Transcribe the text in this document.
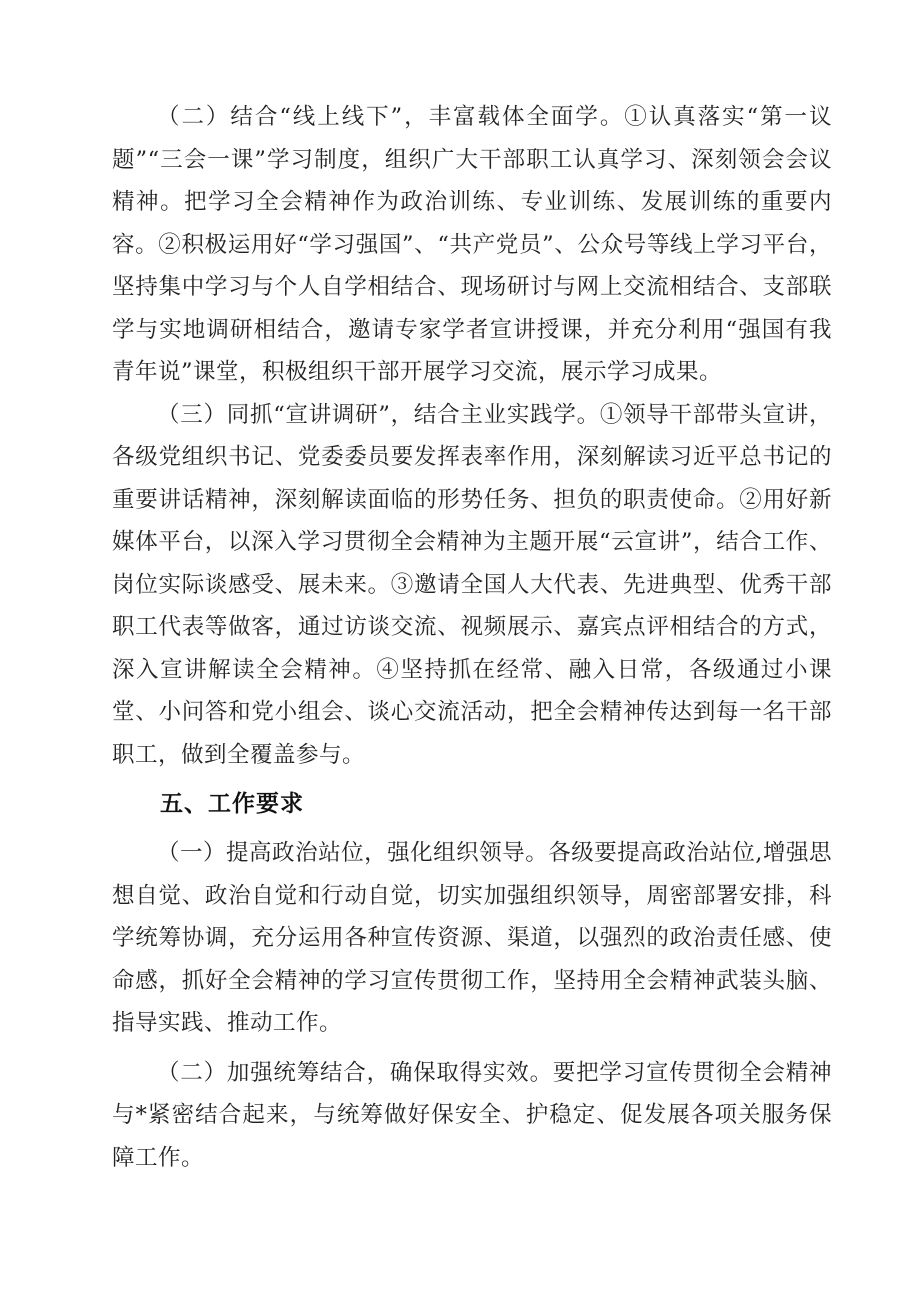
（二）结合“线上线下”，丰富载体全面学。①认真落实“第一议题”“三会一课”学习制度，组织广大干部职工认真学习、深刻领会会议精神。把学习全会精神作为政治训练、专业训练、发展训练的重要内容。②积极运用好“学习强国”、“共产党员”、公众号等线上学习平台，坚持集中学习与个人自学相结合、现场研讨与网上交流相结合、支部联学与实地调研相结合，邀请专家学者宣讲授课，并充分利用“强国有我青年说”课堂，积极组织干部开展学习交流，展示学习成果。

（三）同抓“宣讲调研”，结合主业实践学。①领导干部带头宣讲，各级党组织书记、党委委员要发挥表率作用，深刻解读习近平总书记的重要讲话精神，深刻解读面临的形势任务、担负的职责使命。②用好新媒体平台，以深入学习贯彻全会精神为主题开展“云宣讲”，结合工作、岗位实际谈感受、展未来。③邀请全国人大代表、先进典型、优秀干部职工代表等做客，通过访谈交流、视频展示、嘉宾点评相结合的方式，深入宣讲解读全会精神。④坚持抓在经常、融入日常，各级通过小课堂、小问答和党小组会、谈心交流活动，把全会精神传达到每一名干部职工，做到全覆盖参与。

五、工作要求

（一）提高政治站位，强化组织领导。各级要提高政治站位,增强思想自觉、政治自觉和行动自觉，切实加强组织领导，周密部署安排，科学统筹协调，充分运用各种宣传资源、渠道，以强烈的政治责任感、使命感，抓好全会精神的学习宣传贯彻工作，坚持用全会精神武装头脑、指导实践、推动工作。

（二）加强统筹结合，确保取得实效。要把学习宣传贯彻全会精神与*紧密结合起来，与统筹做好保安全、护稳定、促发展各项关服务保障工作。
